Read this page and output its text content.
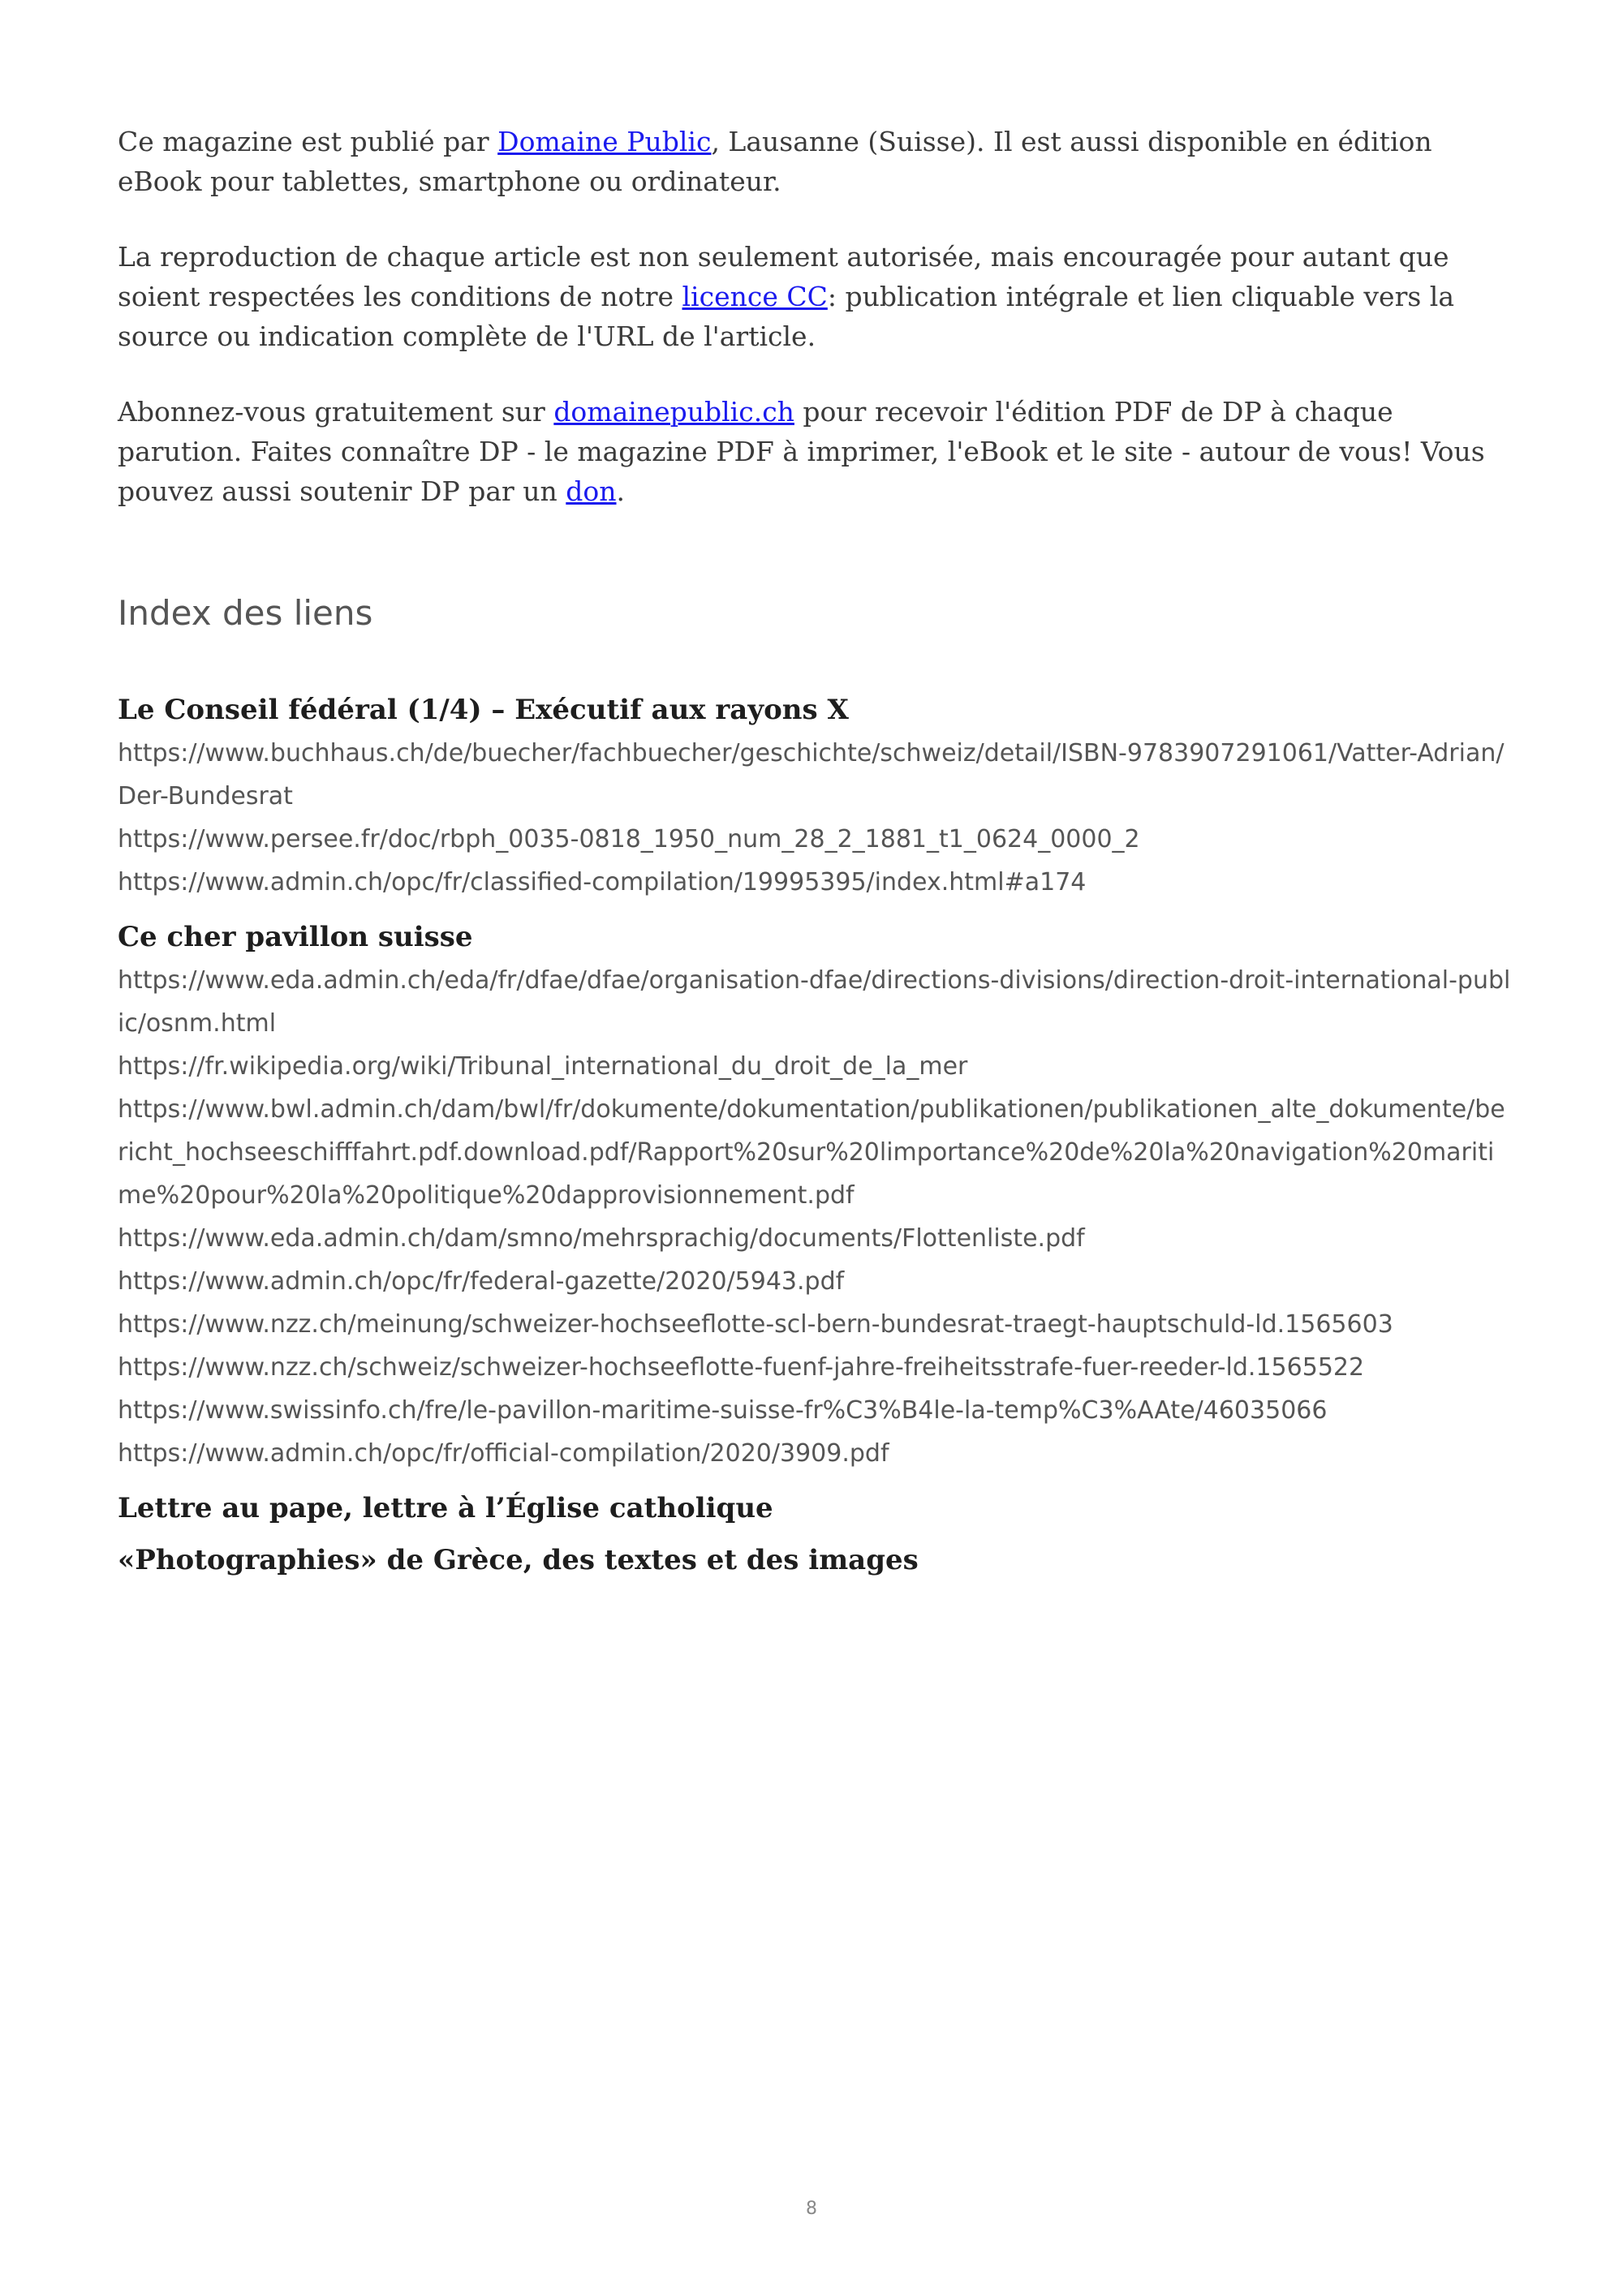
Ce magazine est publié par Domaine Public, Lausanne (Suisse). Il est aussi disponible en édition eBook pour tablettes, smartphone ou ordinateur.

La reproduction de chaque article est non seulement autorisée, mais encouragée pour autant que soient respectées les conditions de notre licence CC: publication intégrale et lien cliquable vers la source ou indication complète de l'URL de l'article.

Abonnez-vous gratuitement sur domainepublic.ch pour recevoir l'édition PDF de DP à chaque parution. Faites connaître DP - le magazine PDF à imprimer, l'eBook et le site - autour de vous! Vous pouvez aussi soutenir DP par un don.

Index des liens
Le Conseil fédéral (1/4) – Exécutif aux rayons X
https://www.buchhaus.ch/de/buecher/fachbuecher/geschichte/schweiz/detail/ISBN-9783907291061/Vatter-Adrian/Der-Bundesrat
https://www.persee.fr/doc/rbph_0035-0818_1950_num_28_2_1881_t1_0624_0000_2
https://www.admin.ch/opc/fr/classified-compilation/19995395/index.html#a174
Ce cher pavillon suisse
https://www.eda.admin.ch/eda/fr/dfae/dfae/organisation-dfae/directions-divisions/direction-droit-international-public/osnm.html
https://fr.wikipedia.org/wiki/Tribunal_international_du_droit_de_la_mer
https://www.bwl.admin.ch/dam/bwl/fr/dokumente/dokumentation/publikationen/publikationen_alte_dokumente/bericht_hochseeschifffahrt.pdf.download.pdf/Rapport%20sur%20limportance%20de%20la%20navigation%20maritime%20pour%20la%20politique%20dapprovisionnement.pdf
https://www.eda.admin.ch/dam/smno/mehrsprachig/documents/Flottenliste.pdf
https://www.admin.ch/opc/fr/federal-gazette/2020/5943.pdf
https://www.nzz.ch/meinung/schweizer-hochseeflotte-scl-bern-bundesrat-traegt-hauptschuld-ld.1565603
https://www.nzz.ch/schweiz/schweizer-hochseeflotte-fuenf-jahre-freiheitsstrafe-fuer-reeder-ld.1565522
https://www.swissinfo.ch/fre/le-pavillon-maritime-suisse-fr%C3%B4le-la-temp%C3%AAte/46035066
https://www.admin.ch/opc/fr/official-compilation/2020/3909.pdf
Lettre au pape, lettre à l’Église catholique
«Photographies» de Grèce, des textes et des images
8
